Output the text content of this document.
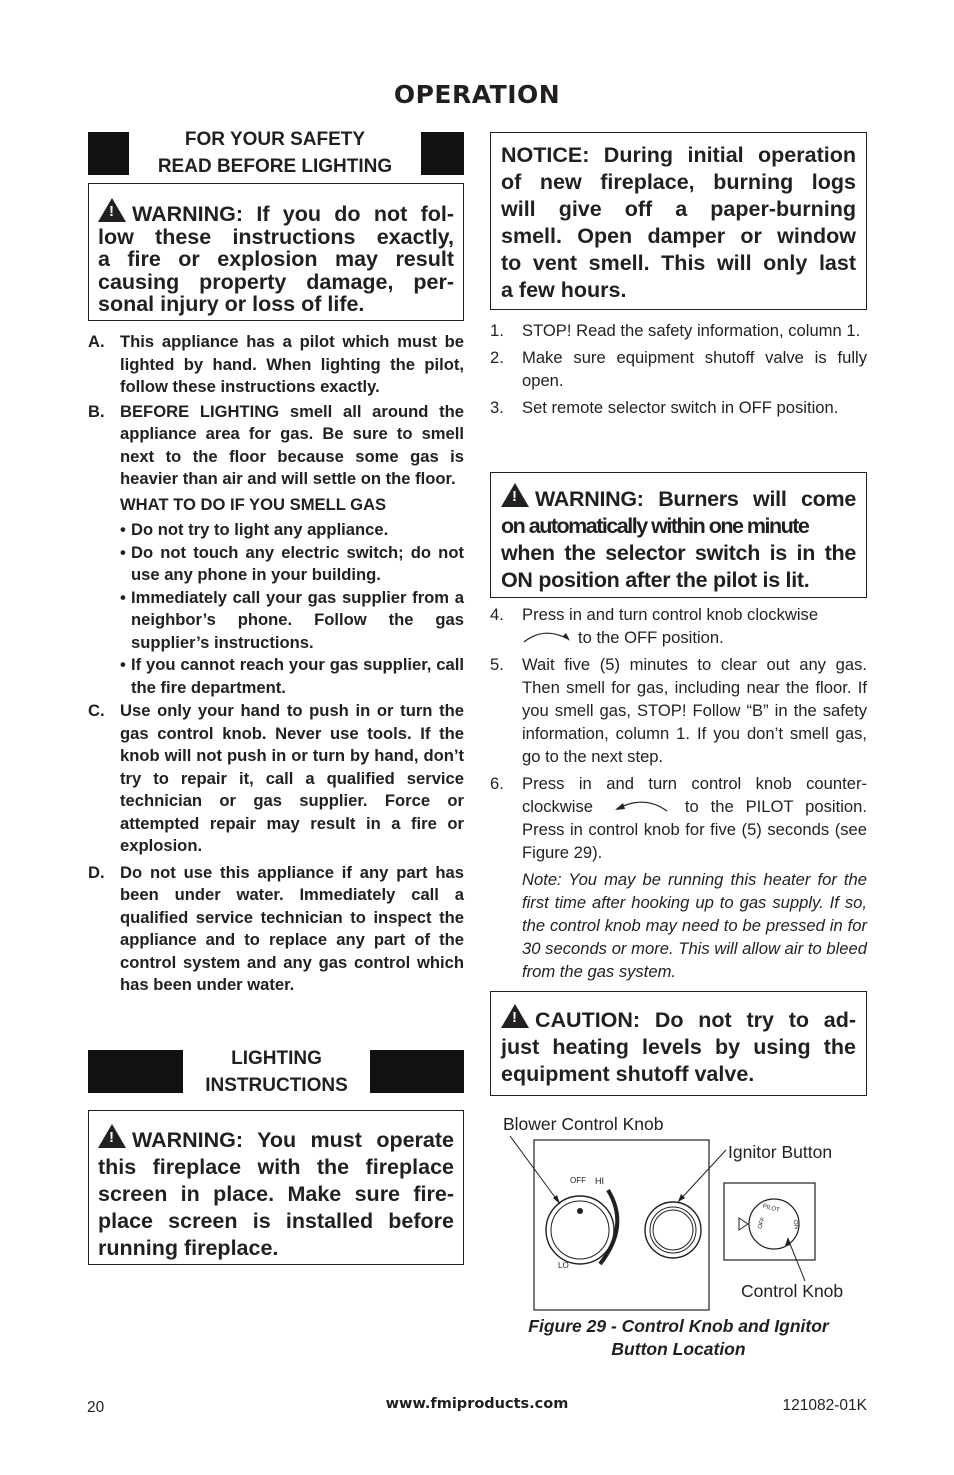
OPERATION
FOR YOUR SAFETY
READ BEFORE LIGHTING
!WARNING: If you do not fol-
low these instructions exactly,
a fire or explosion may result
causing property damage, per-
sonal injury or loss of life.
A. This appliance has a pilot which must be lighted by hand. When lighting the pilot, follow these instructions exactly.
B. BEFORE LIGHTING smell all around the appliance area for gas. Be sure to smell next to the floor because some gas is heavier than air and will settle on the floor.
WHAT TO DO IF YOU SMELL GAS
• Do not try to light any appliance.
• Do not touch any electric switch; do not use any phone in your building.
• Immediately call your gas supplier from a neighbor’s phone. Follow the gas supplier’s instructions.
• If you cannot reach your gas supplier, call the fire department.
C. Use only your hand to push in or turn the gas control knob. Never use tools. If the knob will not push in or turn by hand, don’t try to repair it, call a qualified service technician or gas supplier. Force or attempted repair may result in a fire or explosion.
D. Do not use this appliance if any part has been under water. Immediately call a qualified service technician to inspect the appliance and to replace any part of the control system and any gas control which has been under water.
LIGHTING
INSTRUCTIONS
!WARNING: You must operate
this fireplace with the fireplace
screen in place. Make sure fire-
place screen is installed before
running fireplace.
NOTICE: During initial operation
of new fireplace, burning logs
will give off a paper-burning
smell. Open damper or window
to vent smell. This will only last
a few hours.
1. STOP! Read the safety information, column 1.
2. Make sure equipment shutoff valve is fully open.
3. Set remote selector switch in OFF position.
!WARNING: Burners will come
on automatically within one minute
when the selector switch is in the
ON position after the pilot is lit.
4. Press in and turn control knob clockwise
to the OFF position.
5. Wait five (5) minutes to clear out any gas. Then smell for gas, including near the floor. If you smell gas, STOP! Follow “B” in the safety information, column 1. If you don’t smell gas, go to the next step.
6. Press in and turn control knob counter-clockwise	to the PILOT position. Press in control knob for five (5) seconds (see Figure 29).
Note: You may be running this heater for the first time after hooking up to gas supply. If so, the control knob may need to be pressed in for 30 seconds or more. This will allow air to bleed from the gas system.
!CAUTION: Do not try to ad-
just heating levels by using the
equipment shutoff valve.
Blower Control Knob
Ignitor Button
Control Knob
OFF HI
LO
PILOT
OFF	ON
Figure 29 - Control Knob and Ignitor
Button Location
20	www.fmiproducts.com	121082-01K
